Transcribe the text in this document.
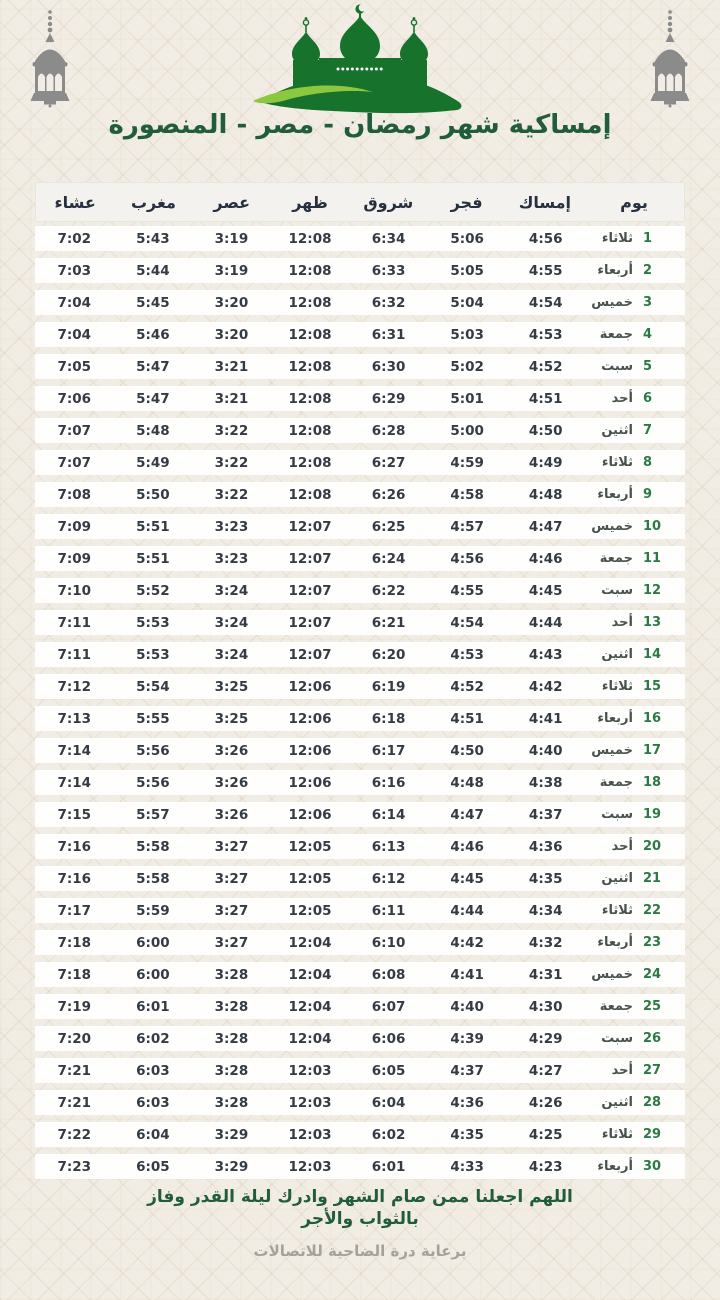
إمساكية شهر رمضان - مصر - المنصورة
يوم
إمساك
فجر
شروق
ظهر
عصر
مغرب
عشاء
1
ثلاثاء
4:56
5:06
6:34
12:08
3:19
5:43
7:02
2
أربعاء
4:55
5:05
6:33
12:08
3:19
5:44
7:03
3
خميس
4:54
5:04
6:32
12:08
3:20
5:45
7:04
4
جمعة
4:53
5:03
6:31
12:08
3:20
5:46
7:04
5
سبت
4:52
5:02
6:30
12:08
3:21
5:47
7:05
6
أحد
4:51
5:01
6:29
12:08
3:21
5:47
7:06
7
اثنين
4:50
5:00
6:28
12:08
3:22
5:48
7:07
8
ثلاثاء
4:49
4:59
6:27
12:08
3:22
5:49
7:07
9
أربعاء
4:48
4:58
6:26
12:08
3:22
5:50
7:08
10
خميس
4:47
4:57
6:25
12:07
3:23
5:51
7:09
11
جمعة
4:46
4:56
6:24
12:07
3:23
5:51
7:09
12
سبت
4:45
4:55
6:22
12:07
3:24
5:52
7:10
13
أحد
4:44
4:54
6:21
12:07
3:24
5:53
7:11
14
اثنين
4:43
4:53
6:20
12:07
3:24
5:53
7:11
15
ثلاثاء
4:42
4:52
6:19
12:06
3:25
5:54
7:12
16
أربعاء
4:41
4:51
6:18
12:06
3:25
5:55
7:13
17
خميس
4:40
4:50
6:17
12:06
3:26
5:56
7:14
18
جمعة
4:38
4:48
6:16
12:06
3:26
5:56
7:14
19
سبت
4:37
4:47
6:14
12:06
3:26
5:57
7:15
20
أحد
4:36
4:46
6:13
12:05
3:27
5:58
7:16
21
اثنين
4:35
4:45
6:12
12:05
3:27
5:58
7:16
22
ثلاثاء
4:34
4:44
6:11
12:05
3:27
5:59
7:17
23
أربعاء
4:32
4:42
6:10
12:04
3:27
6:00
7:18
24
خميس
4:31
4:41
6:08
12:04
3:28
6:00
7:18
25
جمعة
4:30
4:40
6:07
12:04
3:28
6:01
7:19
26
سبت
4:29
4:39
6:06
12:04
3:28
6:02
7:20
27
أحد
4:27
4:37
6:05
12:03
3:28
6:03
7:21
28
اثنين
4:26
4:36
6:04
12:03
3:28
6:03
7:21
29
ثلاثاء
4:25
4:35
6:02
12:03
3:29
6:04
7:22
30
أربعاء
4:23
4:33
6:01
12:03
3:29
6:05
7:23
اللهم اجعلنا ممن صام الشهر وادرك ليلة القدر وفاز
بالثواب والأجر
برعاية درة الضاحية للاتصالات
